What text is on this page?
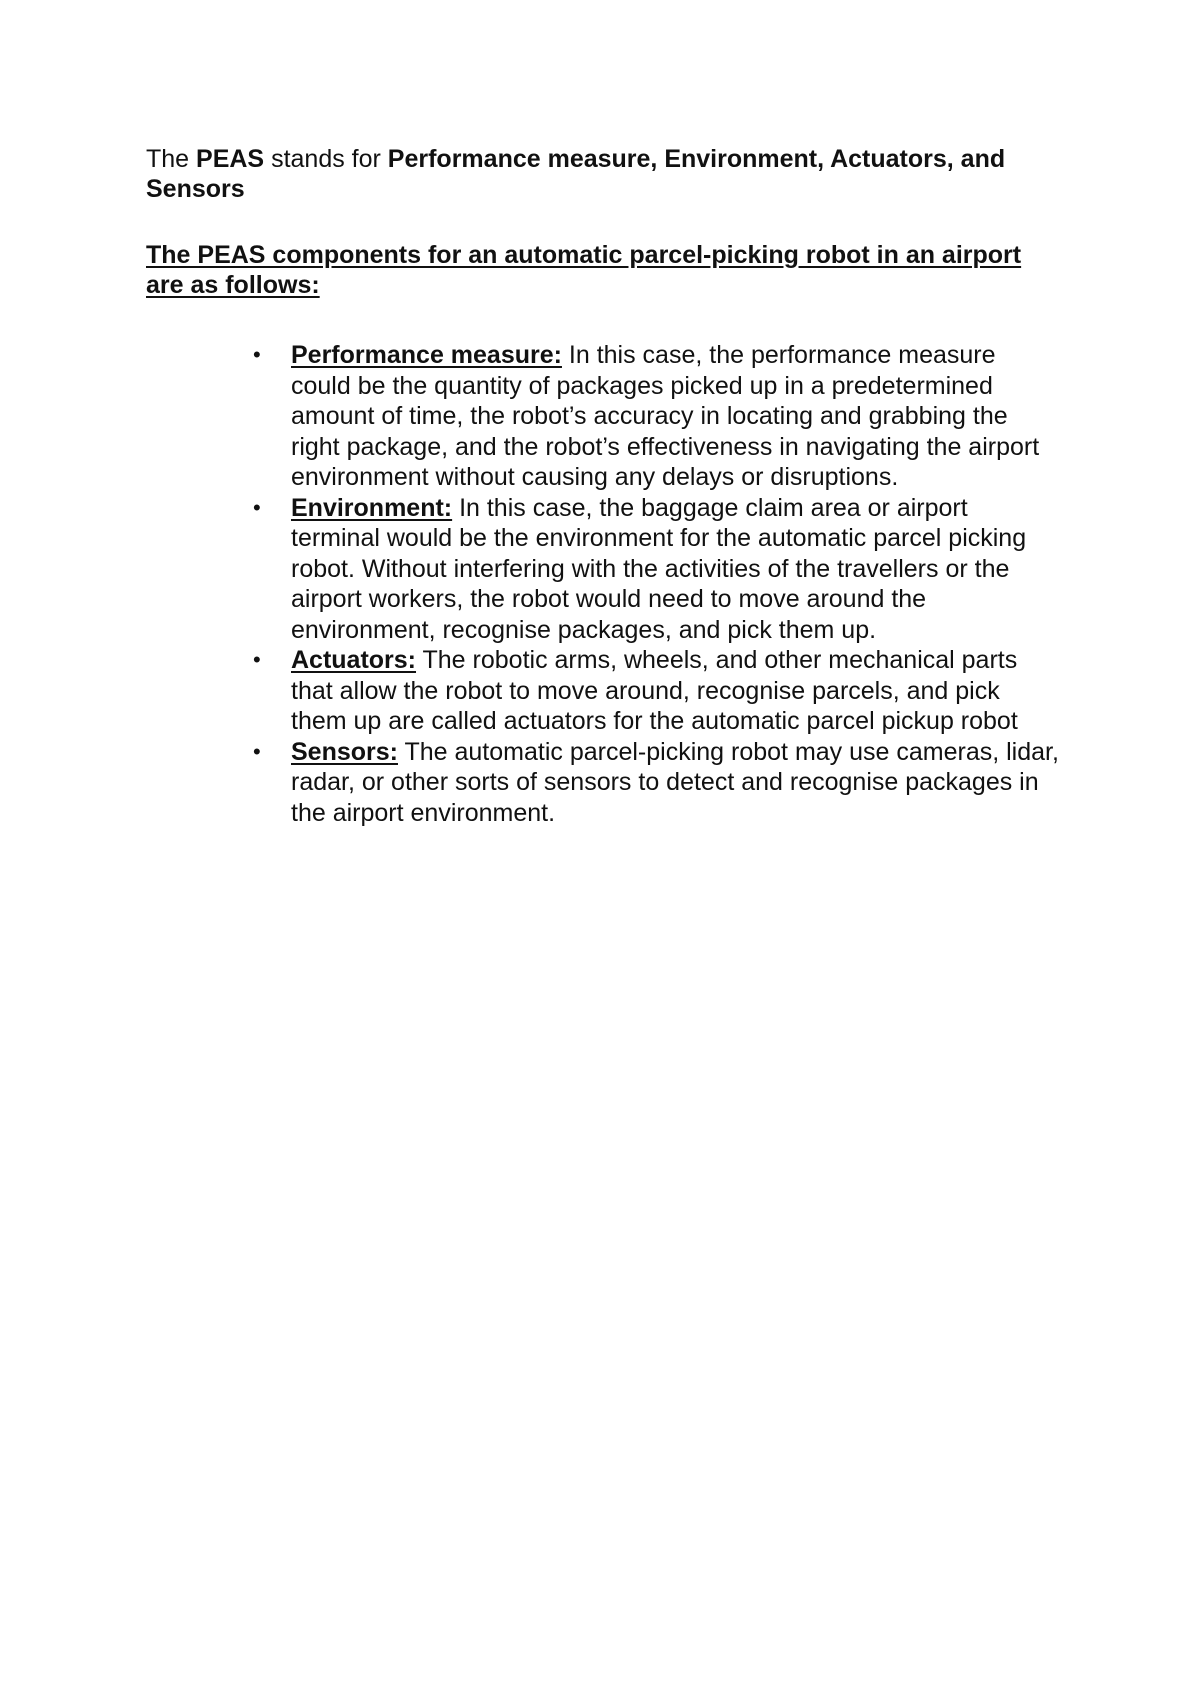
The PEAS stands for Performance measure, Environment, Actuators, and Sensors

The PEAS components for an automatic parcel-picking robot in an airport are as follows:

• Performance measure: In this case, the performance measure could be the quantity of packages picked up in a predetermined amount of time, the robot’s accuracy in locating and grabbing the right package, and the robot’s effectiveness in navigating the airport environment without causing any delays or disruptions.
• Environment: In this case, the baggage claim area or airport terminal would be the environment for the automatic parcel picking robot. Without interfering with the activities of the travellers or the airport workers, the robot would need to move around the environment, recognise packages, and pick them up.
• Actuators: The robotic arms, wheels, and other mechanical parts that allow the robot to move around, recognise parcels, and pick them up are called actuators for the automatic parcel pickup robot
• Sensors: The automatic parcel-picking robot may use cameras, lidar, radar, or other sorts of sensors to detect and recognise packages in the airport environment.
